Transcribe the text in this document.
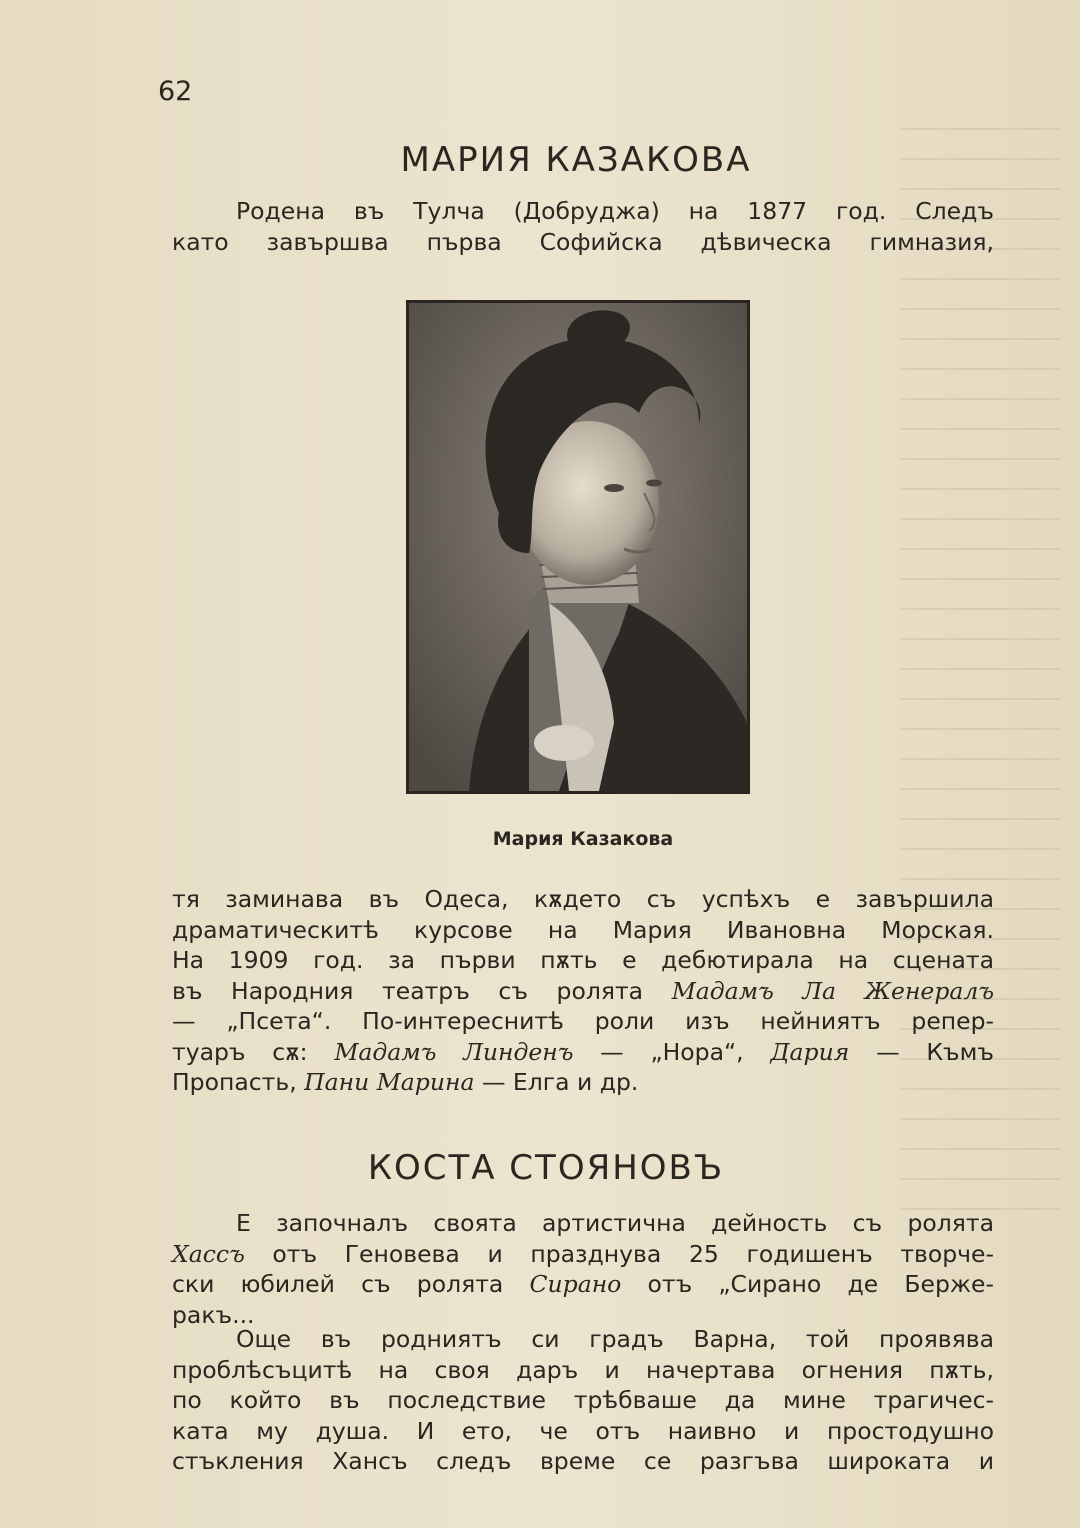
62
МАРИЯ КАЗАКОВА
Родена въ Тулча (Добруджа) на 1877 год. Следъ
като завършва първа Софийска дѣвическа гимназия,
Мария Казакова
тя заминава въ Одеса, кѫдето съ успѣхъ е завършила
драматическитѣ курсове на Мария Ивановна Морская.
На 1909 год. за първи пѫть е дебютирала на сцената
въ Народния театръ съ ролята Мадамъ Ла Женералъ
— „Псета“. По-интереснитѣ роли изъ нейниятъ репер-
туаръ сѫ: Мадамъ Линденъ — „Нора“, Дария — Къмъ
Пропасть, Пани Марина — Елга и др.
КОСТА СТОЯНОВЪ
Е започналъ своята артистична дейность съ ролята
Хассъ отъ Геновева и празднува 25 годишенъ творче-
ски юбилей съ ролята Сирано отъ „Сирано де Берже-
ракъ...
Още въ родниятъ си градъ Варна, той проявява
проблѣсъцитѣ на своя даръ и начертава огнения пѫть,
по който въ последствие трѣбваше да мине трагичес-
ката му душа. И ето, че отъ наивно и простодушно
стъкления Хансъ следъ време се разгъва широката и
